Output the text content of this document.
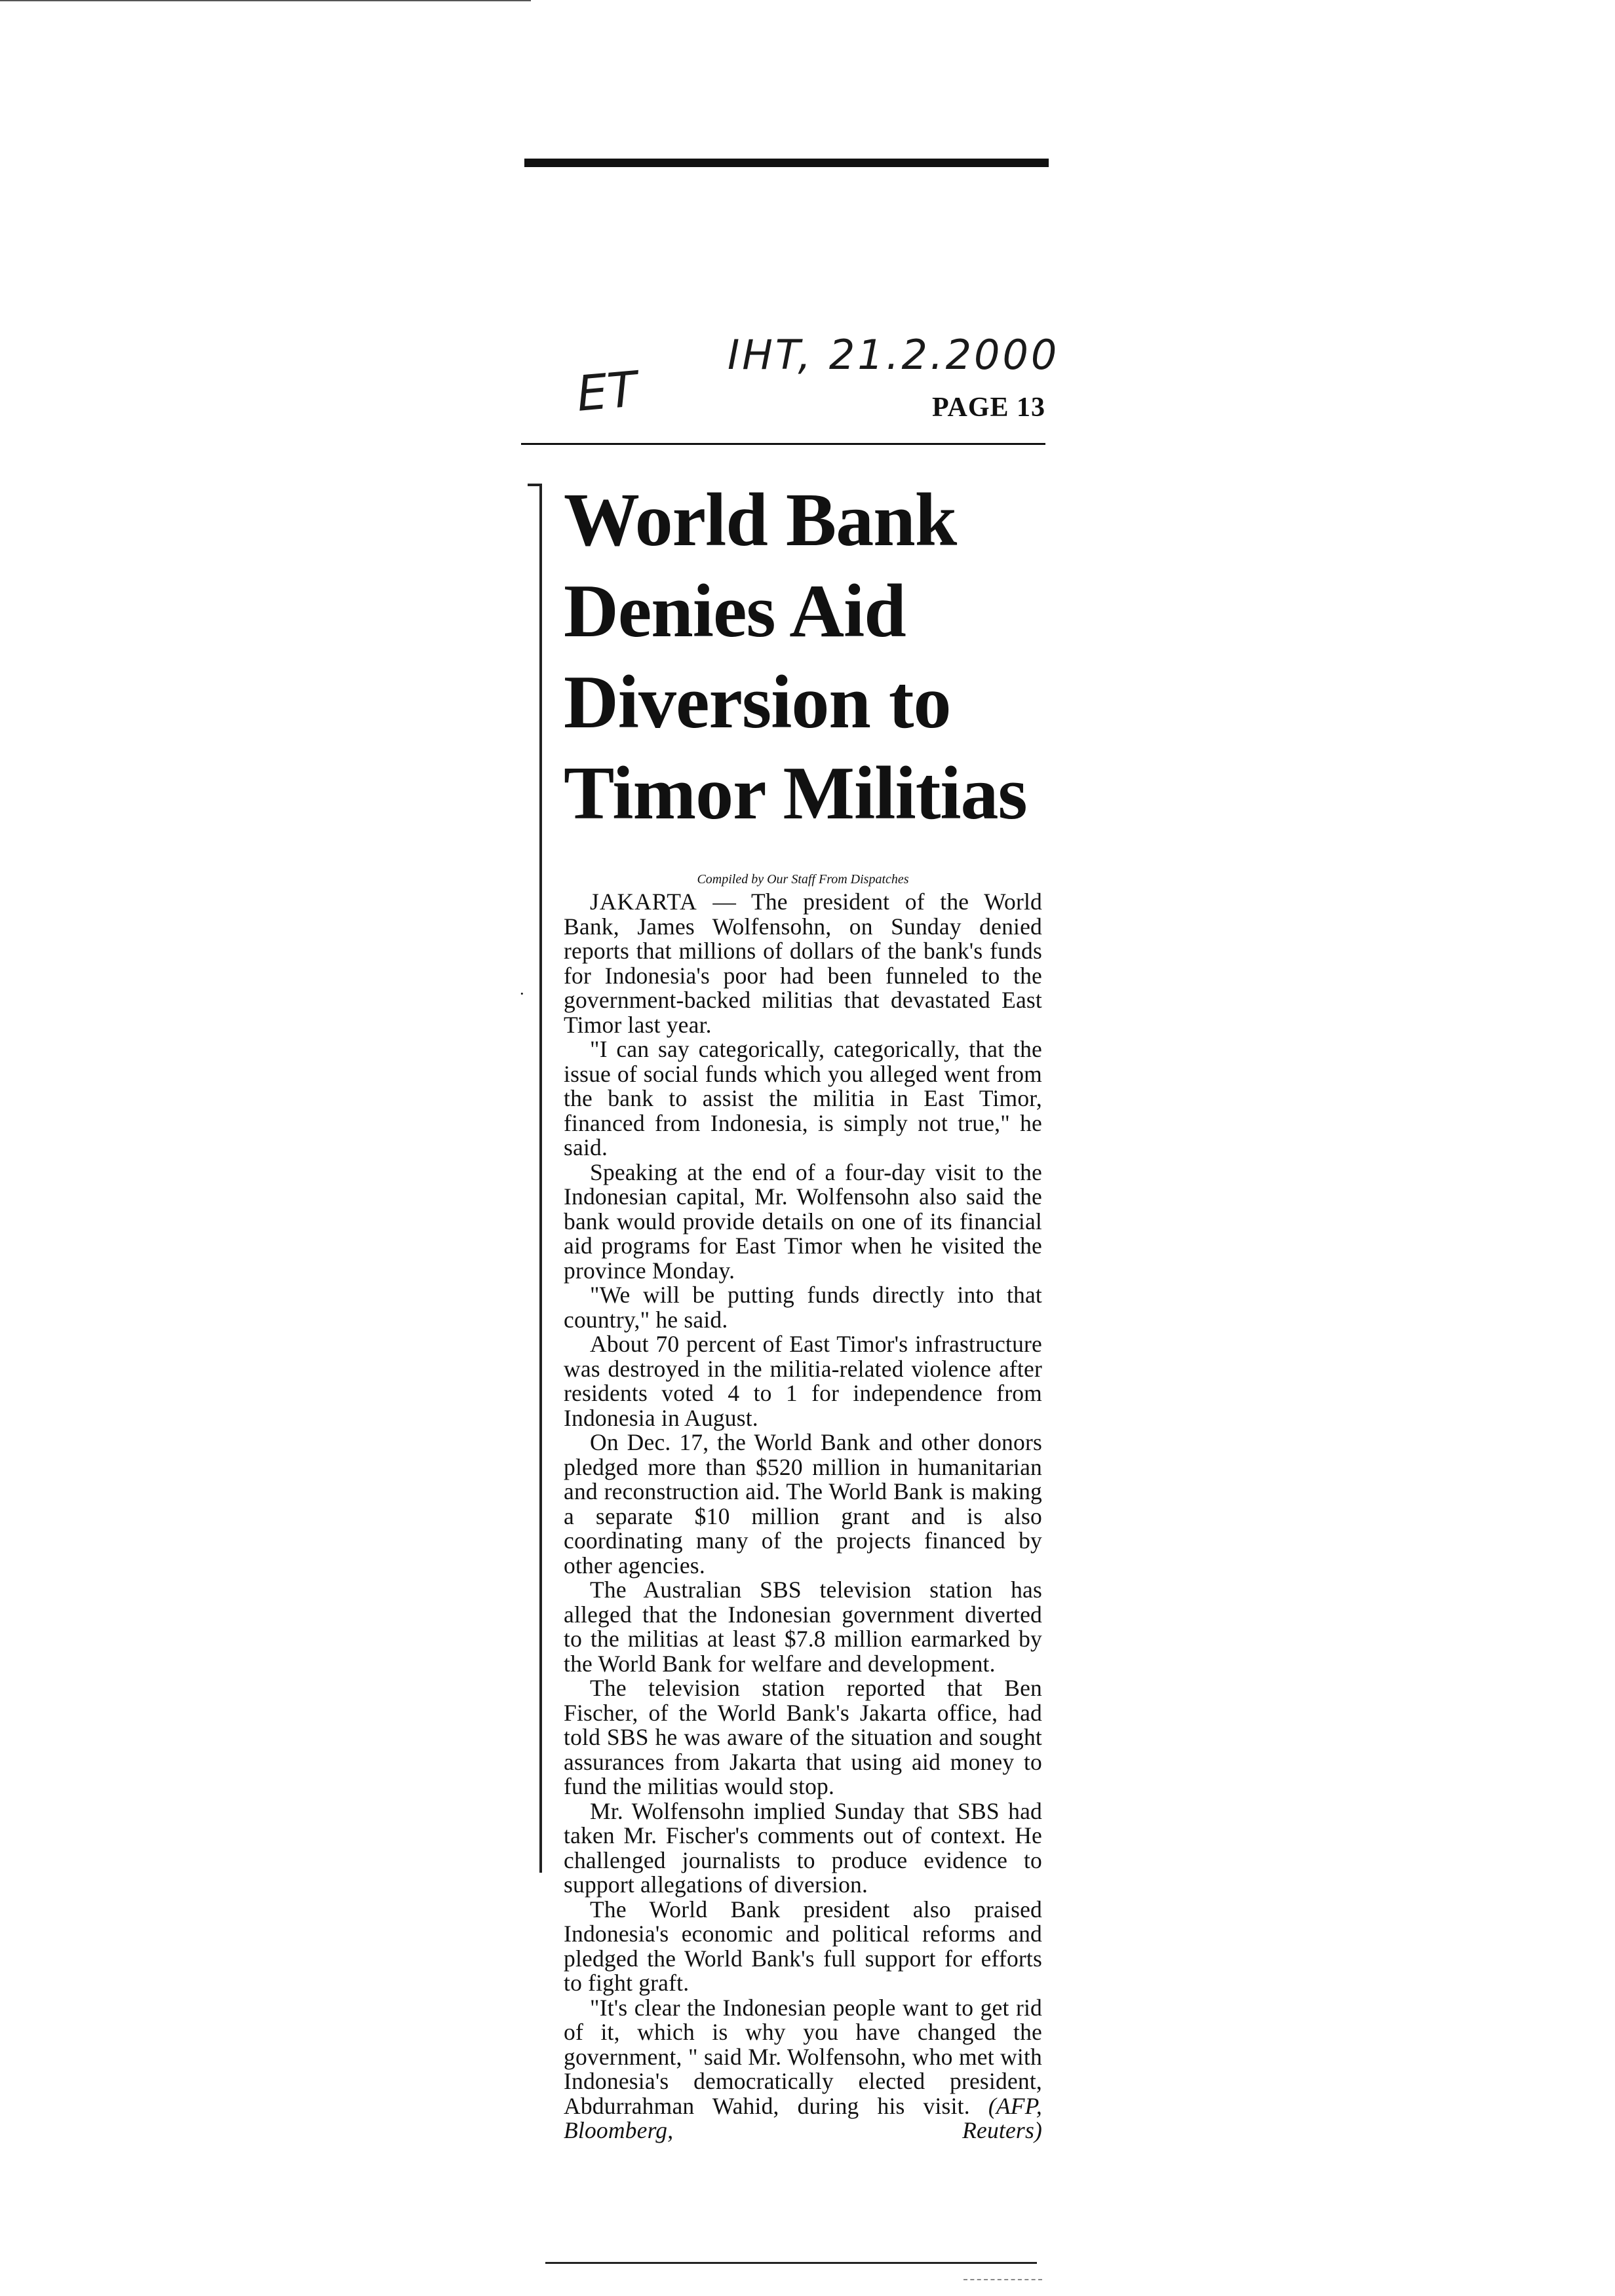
IHT, 21.2.2000
ET	PAGE 13
·
World Bank
Denies Aid
Diversion to
Timor Militias
Compiled by Our Staff From Dispatches

JAKARTA — The president of the World Bank, James Wolfensohn, on Sunday denied reports that millions of dollars of the bank's funds for Indonesia's poor had been funneled to the government-backed militias that devastated East Timor last year.

"I can say categorically, categorically, that the issue of social funds which you alleged went from the bank to assist the militia in East Timor, financed from Indonesia, is simply not true," he said.

Speaking at the end of a four-day visit to the Indonesian capital, Mr. Wolfensohn also said the bank would provide details on one of its financial aid programs for East Timor when he visited the province Monday.

"We will be putting funds directly into that country," he said.

About 70 percent of East Timor's infrastructure was destroyed in the militia-related violence after residents voted 4 to 1 for independence from Indonesia in August.

On Dec. 17, the World Bank and other donors pledged more than $520 million in humanitarian and reconstruction aid. The World Bank is making a separate $10 million grant and is also coordinating many of the projects financed by other agencies.

The Australian SBS television station has alleged that the Indonesian government diverted to the militias at least $7.8 million earmarked by the World Bank for welfare and development.

The television station reported that Ben Fischer, of the World Bank's Jakarta office, had told SBS he was aware of the situation and sought assurances from Jakarta that using aid money to fund the militias would stop.

Mr. Wolfensohn implied Sunday that SBS had taken Mr. Fischer's comments out of context. He challenged journalists to produce evidence to support allegations of diversion.

The World Bank president also praised Indonesia's economic and political reforms and pledged the World Bank's full support for efforts to fight graft.

"It's clear the Indonesian people want to get rid of it, which is why you have changed the government, " said Mr. Wolfensohn, who met with Indonesia's democratically elected president, Abdurrahman Wahid, during his visit. (AFP, Bloomberg, Reuters)
